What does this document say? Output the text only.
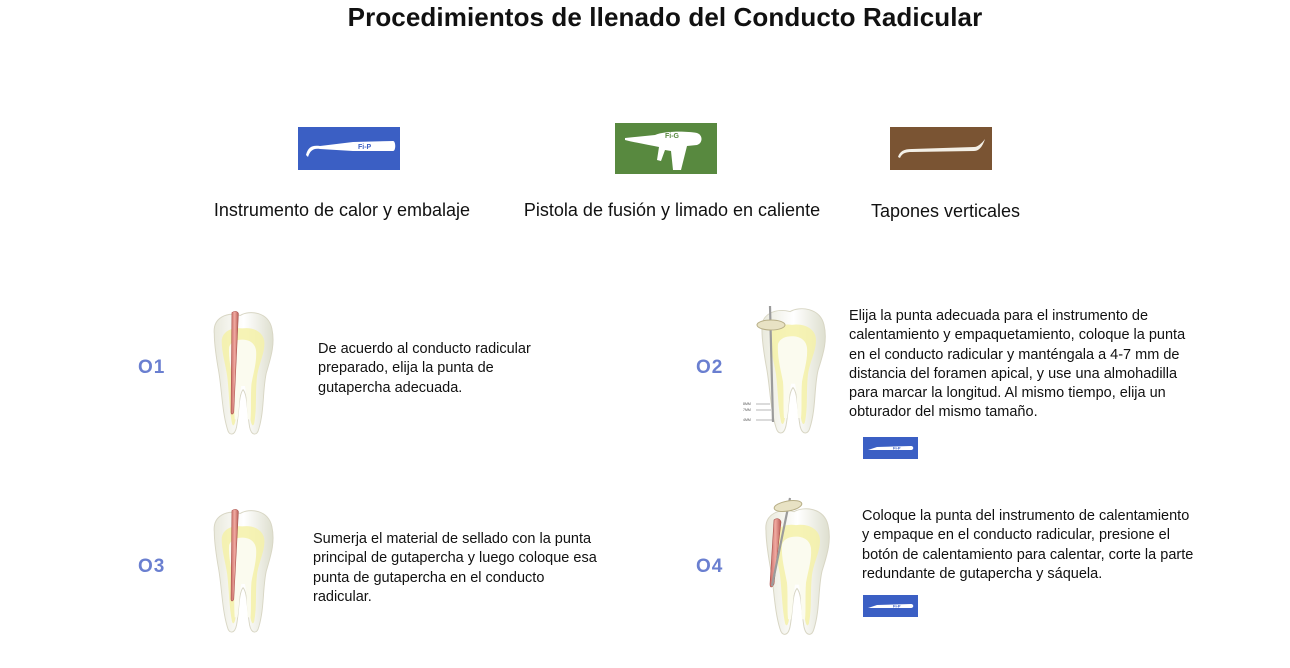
Procedimientos de llenado del Conducto Radicular
Fi-P
Instrumento de calor y embalaje
Fi-G
Pistola de fusión y limado en caliente	Tapones verticales
O1
De acuerdo al conducto radicular preparado, elija la punta de gutapercha adecuada.
O2
8MM
7MM
4MM
Elija la punta adecuada para el instrumento de calentamiento y empaquetamiento, coloque la punta en el conducto radicular y manténgala a 4-7 mm de distancia del foramen apical, y use una almohadilla para marcar la longitud. Al mismo tiempo, elija un obturador del mismo tamaño.
Fi-P
O3
Sumerja el material de sellado con la punta principal de gutapercha y luego coloque esa punta de gutapercha en el conducto radicular.
O4
Coloque la punta del instrumento de calentamiento y empaque en el conducto radicular, presione el botón de calentamiento para calentar, corte la parte redundante de gutapercha y sáquela.
Fi-P
